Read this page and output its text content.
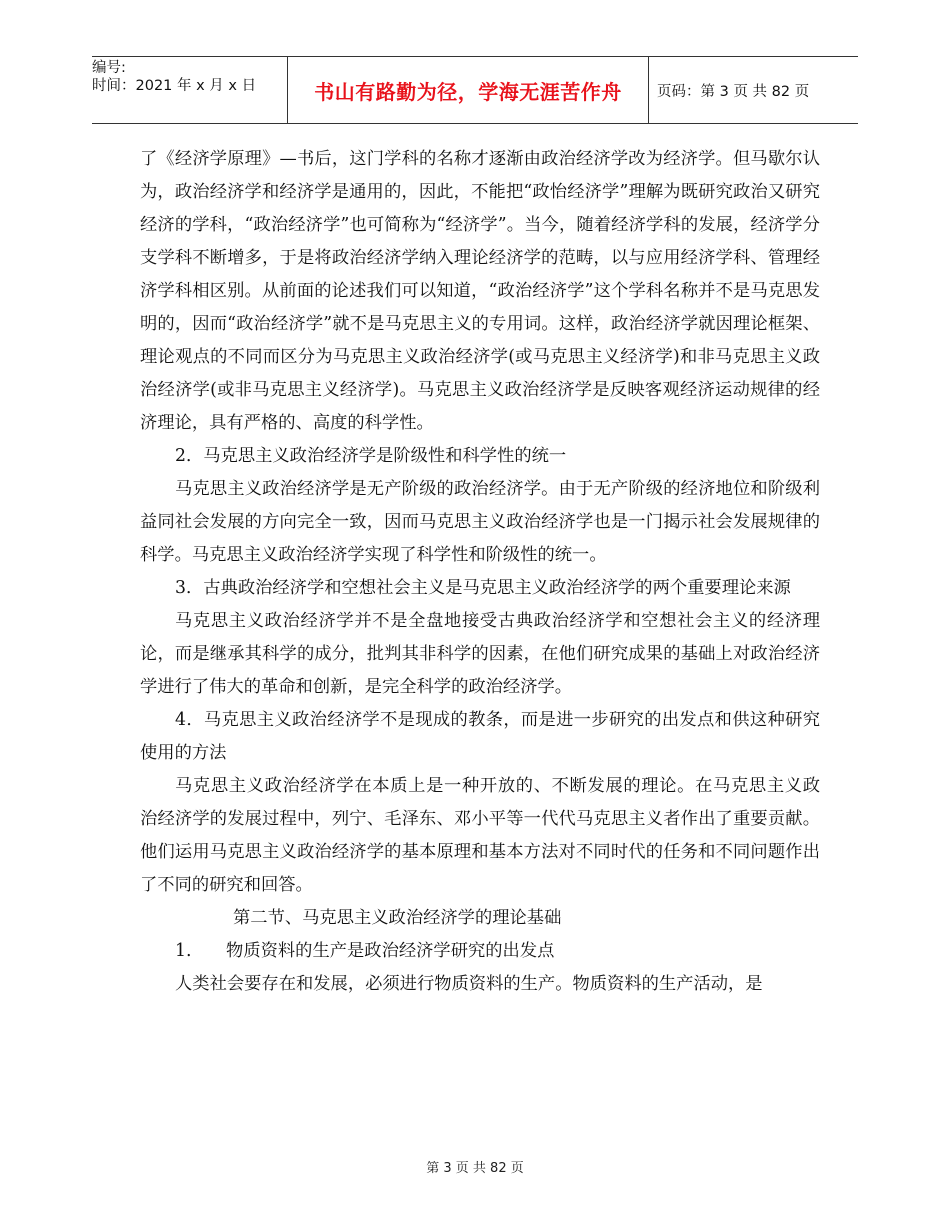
编号:
时间：2021 年 x 月 x 日	书山有路勤为径，学海无涯苦作舟 页码：第 3 页 共 82 页

了《经济学原理》—书后，这门学科的名称才逐渐由政治经济学改为经济学。但马歇尔认为，政治经济学和经济学是通用的，因此，不能把“政怡经济学”理解为既研究政治又研究经济的学科，“政治经济学”也可简称为“经济学”。当今，随着经济学科的发展，经济学分支学科不断增多，于是将政治经济学纳入理论经济学的范畴，以与应用经济学科、管理经济学科相区别。从前面的论述我们可以知道，“政治经济学”这个学科名称并不是马克思发明的，因而“政治经济学”就不是马克思主义的专用词。这样，政治经济学就因理论框架、理论观点的不同而区分为马克思主义政治经济学(或马克思主义经济学)和非马克思主义政治经济学(或非马克思主义经济学)。马克思主义政治经济学是反映客观经济运动规律的经济理论，具有严格的、高度的科学性。

2．马克思主义政治经济学是阶级性和科学性的统一

马克思主义政治经济学是无产阶级的政治经济学。由于无产阶级的经济地位和阶级利益同社会发展的方向完全一致，因而马克思主义政治经济学也是一门揭示社会发展规律的科学。马克思主义政治经济学实现了科学性和阶级性的统一。

3．古典政治经济学和空想社会主义是马克思主义政治经济学的两个重要理论来源

马克思主义政治经济学并不是全盘地接受古典政治经济学和空想社会主义的经济理论，而是继承其科学的成分，批判其非科学的因素，在他们研究成果的基础上对政治经济学进行了伟大的革命和创新，是完全科学的政治经济学。

4．马克思主义政治经济学不是现成的教条，而是进一步研究的出发点和供这种研究使用的方法

马克思主义政治经济学在本质上是一种开放的、不断发展的理论。在马克思主义政　治经济学的发展过程中，列宁、毛泽东、邓小平等一代代马克思主义者作出了重要贡献。他们运用马克思主义政治经济学的基本原理和基本方法对不同时代的任务和不同问题作出了不同的研究和回答。

第二节、马克思主义政治经济学的理论基础

1.　　物质资料的生产是政治经济学研究的出发点

人类社会要存在和发展，必须进行物质资料的生产。物质资料的生产活动，是

第 3 页 共 82 页
